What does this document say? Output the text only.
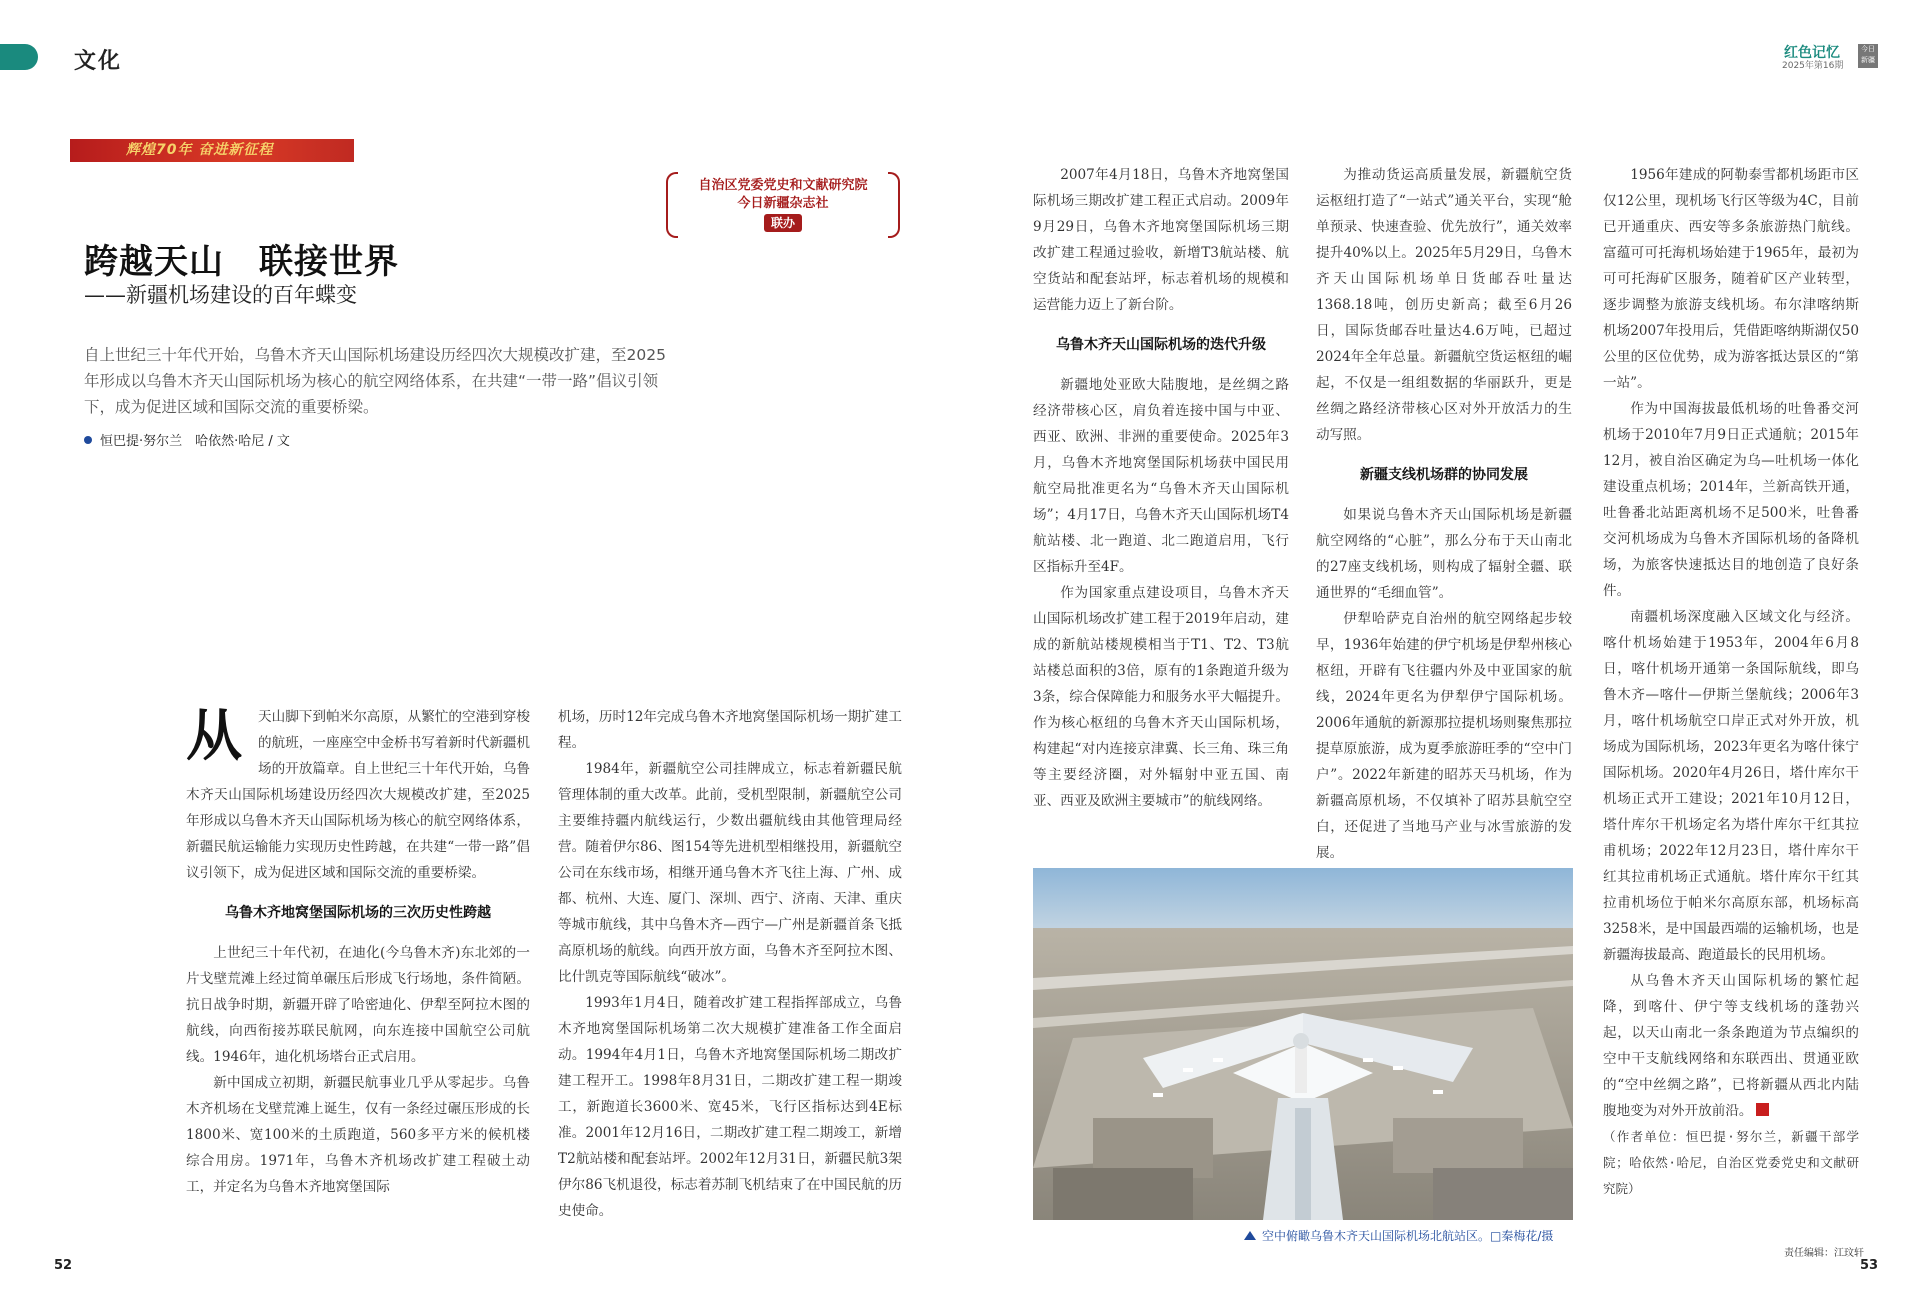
文化	红色记忆
2025年第16期
今日新疆
辉煌70年 奋进新征程
自治区党委党史和文献研究院
今日新疆杂志社
联办
跨越天山　联接世界
——新疆机场建设的百年蝶变
自上世纪三十年代开始，乌鲁木齐天山国际机场建设历经四次大规模改扩建，至2025年形成以乌鲁木齐天山国际机场为核心的航空网络体系，在共建“一带一路”倡议引领下，成为促进区域和国际交流的重要桥梁。
恒巴提·努尔兰　哈依然·哈尼 / 文
从	天山脚下到帕米尔高原，从繁忙的空港到穿梭的航班，一座座空中金桥书写着新时代新疆机场的开放篇章。自上世纪三十年代开始，乌鲁木齐天山国际机场建设历经四次大规模改扩建，至2025年形成以乌鲁木齐天山国际机场为核心的航空网络体系，新疆民航运输能力实现历史性跨越，在共建“一带一路”倡议引领下，成为促进区域和国际交流的重要桥梁。

乌鲁木齐地窝堡国际机场的三次历史性跨越

上世纪三十年代初，在迪化(今乌鲁木齐)东北郊的一片戈壁荒滩上经过简单碾压后形成飞行场地，条件简陋。抗日战争时期，新疆开辟了哈密迪化、伊犁至阿拉木图的航线，向西衔接苏联民航网，向东连接中国航空公司航线。1946年，迪化机场塔台正式启用。

新中国成立初期，新疆民航事业几乎从零起步。乌鲁木齐机场在戈壁荒滩上诞生，仅有一条经过碾压形成的长1800米、宽100米的土质跑道，560多平方米的候机楼综合用房。1971年，乌鲁木齐机场改扩建工程破土动工，并定名为乌鲁木齐地窝堡国际

机场，历时12年完成乌鲁木齐地窝堡国际机场一期扩建工程。

1984年，新疆航空公司挂牌成立，标志着新疆民航管理体制的重大改革。此前，受机型限制，新疆航空公司主要维持疆内航线运行，少数出疆航线由其他管理局经营。随着伊尔86、图154等先进机型相继投用，新疆航空公司在东线市场，相继开通乌鲁木齐飞往上海、广州、成都、杭州、大连、厦门、深圳、西宁、济南、天津、重庆等城市航线，其中乌鲁木齐—西宁—广州是新疆首条飞抵高原机场的航线。向西开放方面，乌鲁木齐至阿拉木图、比什凯克等国际航线“破冰”。

1993年1月4日，随着改扩建工程指挥部成立，乌鲁木齐地窝堡国际机场第二次大规模扩建准备工作全面启动。1994年4月1日，乌鲁木齐地窝堡国际机场二期改扩建工程开工。1998年8月31日，二期改扩建工程一期竣工，新跑道长3600米、宽45米，飞行区指标达到4E标准。2001年12月16日，二期改扩建工程二期竣工，新增T2航站楼和配套站坪。2002年12月31日，新疆民航3架伊尔86飞机退役，标志着苏制飞机结束了在中国民航的历史使命。

2007年4月18日，乌鲁木齐地窝堡国际机场三期改扩建工程正式启动。2009年9月29日，乌鲁木齐地窝堡国际机场三期改扩建工程通过验收，新增T3航站楼、航空货站和配套站坪，标志着机场的规模和运营能力迈上了新台阶。

乌鲁木齐天山国际机场的迭代升级

新疆地处亚欧大陆腹地，是丝绸之路经济带核心区，肩负着连接中国与中亚、西亚、欧洲、非洲的重要使命。2025年3月，乌鲁木齐地窝堡国际机场获中国民用航空局批准更名为“乌鲁木齐天山国际机场”；4月17日，乌鲁木齐天山国际机场T4航站楼、北一跑道、北二跑道启用，飞行区指标升至4F。

作为国家重点建设项目，乌鲁木齐天山国际机场改扩建工程于2019年启动，建成的新航站楼规模相当于T1、T2、T3航站楼总面积的3倍，原有的1条跑道升级为3条，综合保障能力和服务水平大幅提升。作为核心枢纽的乌鲁木齐天山国际机场，构建起“对内连接京津冀、长三角、珠三角等主要经济圈，对外辐射中亚五国、南亚、西亚及欧洲主要城市”的航线网络。

为推动货运高质量发展，新疆航空货运枢纽打造了“一站式”通关平台，实现“舱单预录、快速查验、优先放行”，通关效率提升40%以上。2025年5月29日，乌鲁木齐天山国际机场单日货邮吞吐量达1368.18吨，创历史新高；截至6月26日，国际货邮吞吐量达4.6万吨，已超过2024年全年总量。新疆航空货运枢纽的崛起，不仅是一组组数据的华丽跃升，更是丝绸之路经济带核心区对外开放活力的生动写照。

新疆支线机场群的协同发展

如果说乌鲁木齐天山国际机场是新疆航空网络的“心脏”，那么分布于天山南北的27座支线机场，则构成了辐射全疆、联通世界的“毛细血管”。

伊犁哈萨克自治州的航空网络起步较早，1936年始建的伊宁机场是伊犁州核心枢纽，开辟有飞往疆内外及中亚国家的航线，2024年更名为伊犁伊宁国际机场。2006年通航的新源那拉提机场则聚焦那拉提草原旅游，成为夏季旅游旺季的“空中门户”。2022年新建的昭苏天马机场，作为新疆高原机场，不仅填补了昭苏县航空空白，还促进了当地马产业与冰雪旅游的发展。

1956年建成的阿勒泰雪都机场距市区仅12公里，现机场飞行区等级为4C，目前已开通重庆、西安等多条旅游热门航线。富蕴可可托海机场始建于1965年，最初为可可托海矿区服务，随着矿区产业转型，逐步调整为旅游支线机场。布尔津喀纳斯机场2007年投用后，凭借距喀纳斯湖仅50公里的区位优势，成为游客抵达景区的“第一站”。

作为中国海拔最低机场的吐鲁番交河机场于2010年7月9日正式通航；2015年12月，被自治区确定为乌—吐机场一体化建设重点机场；2014年，兰新高铁开通，吐鲁番北站距离机场不足500米，吐鲁番交河机场成为乌鲁木齐国际机场的备降机场，为旅客快速抵达目的地创造了良好条件。

南疆机场深度融入区域文化与经济。喀什机场始建于1953年，2004年6月8日，喀什机场开通第一条国际航线，即乌鲁木齐—喀什—伊斯兰堡航线；2006年3月，喀什机场航空口岸正式对外开放，机场成为国际机场，2023年更名为喀什徕宁国际机场。2020年4月26日，塔什库尔干机场正式开工建设；2021年10月12日，塔什库尔干机场定名为塔什库尔干红其拉甫机场；2022年12月23日，塔什库尔干红其拉甫机场正式通航。塔什库尔干红其拉甫机场位于帕米尔高原东部，机场标高3258米，是中国最西端的运输机场，也是新疆海拔最高、跑道最长的民用机场。

从乌鲁木齐天山国际机场的繁忙起降，到喀什、伊宁等支线机场的蓬勃兴起，以天山南北一条条跑道为节点编织的空中干支航线网络和东联西出、贯通亚欧的“空中丝绸之路”，已将新疆从西北内陆腹地变为对外开放前沿。

（作者单位：恒巴提·努尔兰，新疆干部学院；哈依然·哈尼，自治区党委党史和文献研究院）

空中俯瞰乌鲁木齐天山国际机场北航站区。□秦梅花/摄
52	53
责任编辑：江玟轩
